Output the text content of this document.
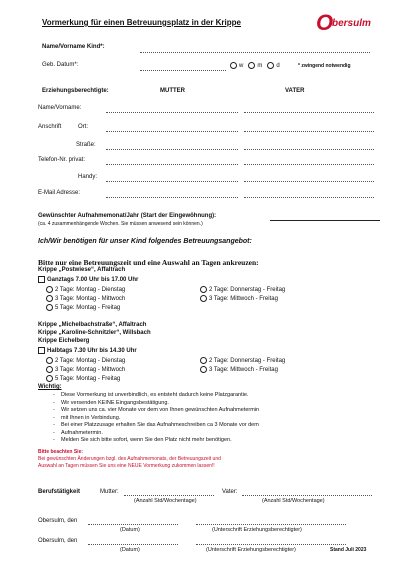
Vormerkung für einen Betreuungsplatz in der Krippe	O
bersulm
Name/Vorname Kind*:
Geb. Datum*:	w m d	* zwingend notwendig
Erziehungsberechtigte:	MUTTER	VATER
Name/Vorname:
Anschrift	Ort:
Straße:
Telefon-Nr. privat:
Handy:
E-Mail Adresse:
Gewünschter Aufnahmemonat/Jahr (Start der Eingewöhnung):
(ca. 4 zusammenhängende Wochen. Sie müssen anwesend sein können.)
Ich/Wir benötigen für unser Kind folgendes Betreuungsangebot:
Bitte nur eine Betreuungszeit und eine Auswahl an Tagen ankreuzen:
Krippe „Postwiese“, Affaltrach
Ganztags 7.00 Uhr bis 17.00 Uhr
2 Tage: Montag - Dienstag
3 Tage: Montag - Mittwoch
5 Tage: Montag - Freitag
2 Tage: Donnerstag - Freitag
3 Tage: Mittwoch - Freitag
Krippe „Michelbachstraße“, Affaltrach
Krippe „Karoline-Schnitzler“, Willsbach
Krippe Eichelberg
Halbtags 7.30 Uhr bis 14.30 Uhr
2 Tage: Montag - Dienstag
3 Tage: Montag - Mittwoch
5 Tage: Montag - Freitag
2 Tage: Donnerstag - Freitag
3 Tage: Mittwoch - Freitag
Wichtig:
- Diese Vormerkung ist unverbindlich, es entsteht dadurch keine Platzgarantie.
- Wir versenden KEINE Eingangsbestätigung.
- Wir setzen uns ca. vier Monate vor dem von Ihnen gewünschten Aufnahmetermin
- mit Ihnen in Verbindung.
- Bei einer Platzzusage erhalten Sie das Aufnahmeschreiben ca 3 Monate vor dem
- Aufnahmetermin.
- Melden Sie sich bitte sofort, wenn Sie den Platz nicht mehr benötigen.
Bitte beachten Sie:
Bei gewünschten Änderungen bzgl. des Aufnahmemonats, der Betreuungszeit und
Auswahl an Tagen müssen Sie uns eine NEUE Vormerkung zukommen lassen!!
Berufstätigkeit	Mutter:	Vater:
(Anzahl Std/Wochentage)	(Anzahl Std/Wochentage)
Obersulm, den
(Datum)	(Unterschrift Erziehungsberechtigter)
Obersulm, den
(Datum)	(Unterschrift Erziehungsberechtigter)	Stand Juli 2023
